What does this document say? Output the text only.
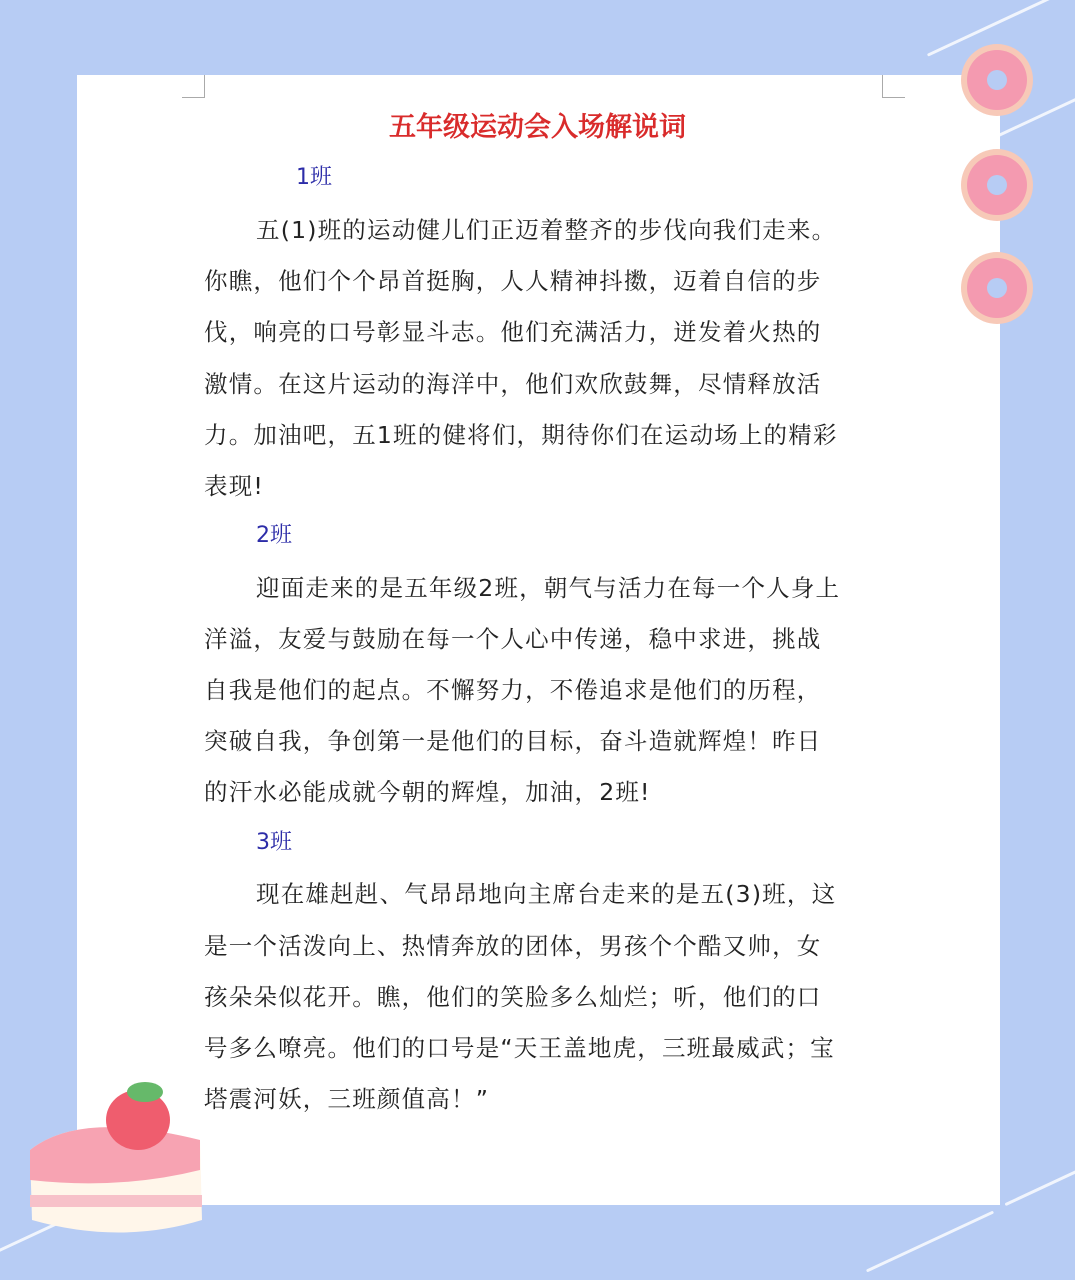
五年级运动会入场解说词
1班
五(1)班的运动健儿们正迈着整齐的步伐向我们走来。
你瞧，他们个个昂首挺胸，人人精神抖擞，迈着自信的步
伐，响亮的口号彰显斗志。他们充满活力，迸发着火热的
激情。在这片运动的海洋中，他们欢欣鼓舞，尽情释放活
力。加油吧，五1班的健将们，期待你们在运动场上的精彩
表现!
2班
迎面走来的是五年级2班，朝气与活力在每一个人身上
洋溢，友爱与鼓励在每一个人心中传递，稳中求进，挑战
自我是他们的起点。不懈努力，不倦追求是他们的历程，
突破自我，争创第一是他们的目标，奋斗造就辉煌！昨日
的汗水必能成就今朝的辉煌，加油，2班!
3班
现在雄赳赳、气昂昂地向主席台走来的是五(3)班，这
是一个活泼向上、热情奔放的团体，男孩个个酷又帅，女
孩朵朵似花开。瞧，他们的笑脸多么灿烂；听，他们的口
号多么嘹亮。他们的口号是“天王盖地虎，三班最威武；宝
塔震河妖，三班颜值高！”
